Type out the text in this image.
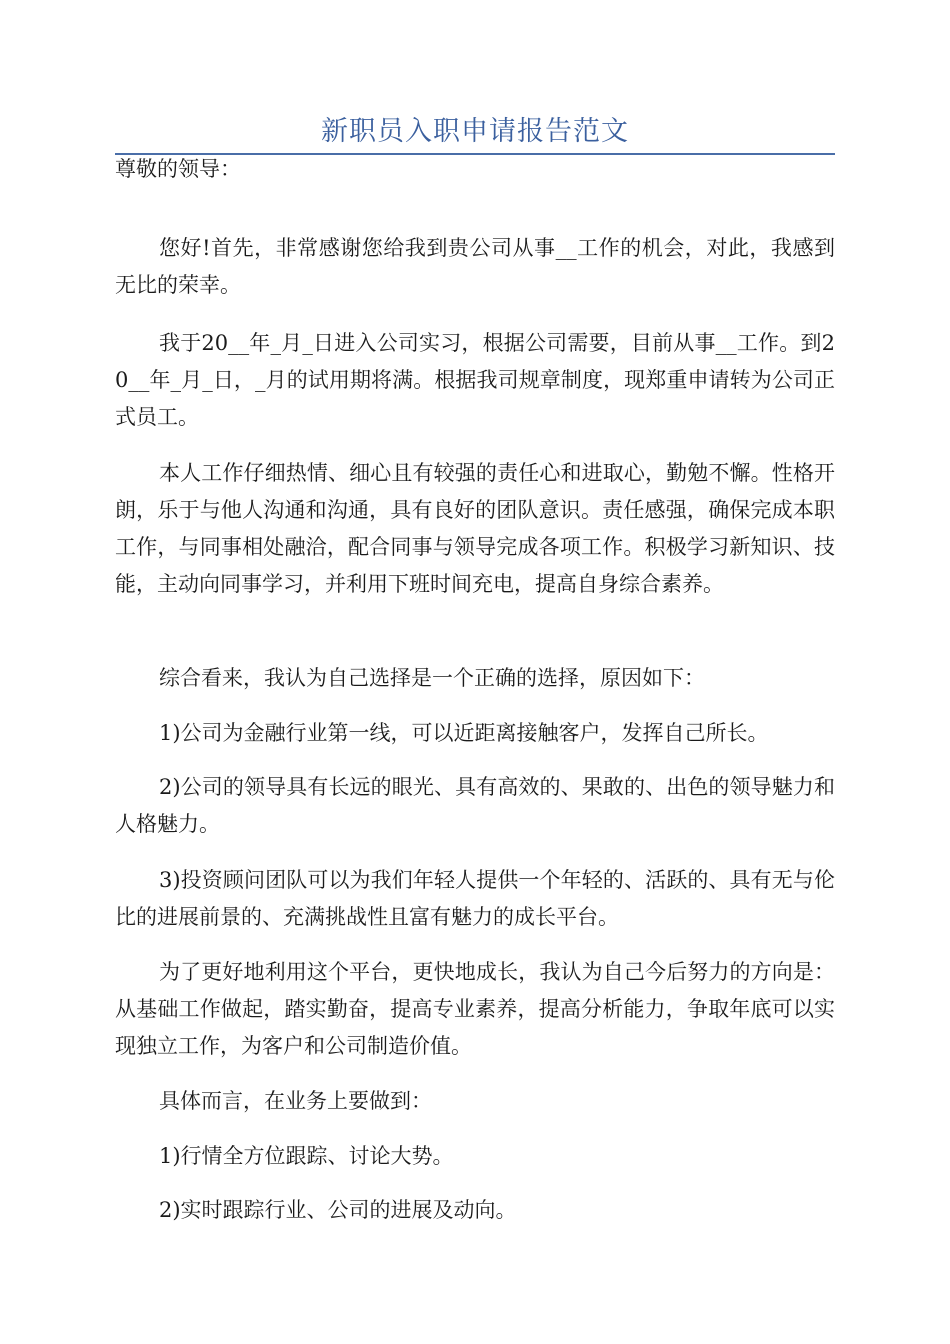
新职员入职申请报告范文

尊敬的领导：

您好!首先，非常感谢您给我到贵公司从事__工作的机会，对此，我感到无比的荣幸。

我于20__年_月_日进入公司实习，根据公司需要，目前从事__工作。到20__年_月_日，_月的试用期将满。根据我司规章制度，现郑重申请转为公司正式员工。

本人工作仔细热情、细心且有较强的责任心和进取心，勤勉不懈。性格开朗，乐于与他人沟通和沟通，具有良好的团队意识。责任感强，确保完成本职工作，与同事相处融洽，配合同事与领导完成各项工作。积极学习新知识、技能，主动向同事学习，并利用下班时间充电，提高自身综合素养。

综合看来，我认为自己选择是一个正确的选择，原因如下：

1)公司为金融行业第一线，可以近距离接触客户，发挥自己所长。

2)公司的领导具有长远的眼光、具有高效的、果敢的、出色的领导魅力和人格魅力。

3)投资顾问团队可以为我们年轻人提供一个年轻的、活跃的、具有无与伦比的进展前景的、充满挑战性且富有魅力的成长平台。

为了更好地利用这个平台，更快地成长，我认为自己今后努力的方向是：从基础工作做起，踏实勤奋，提高专业素养，提高分析能力，争取年底可以实现独立工作，为客户和公司制造价值。

具体而言，在业务上要做到：

1)行情全方位跟踪、讨论大势。

2)实时跟踪行业、公司的进展及动向。
